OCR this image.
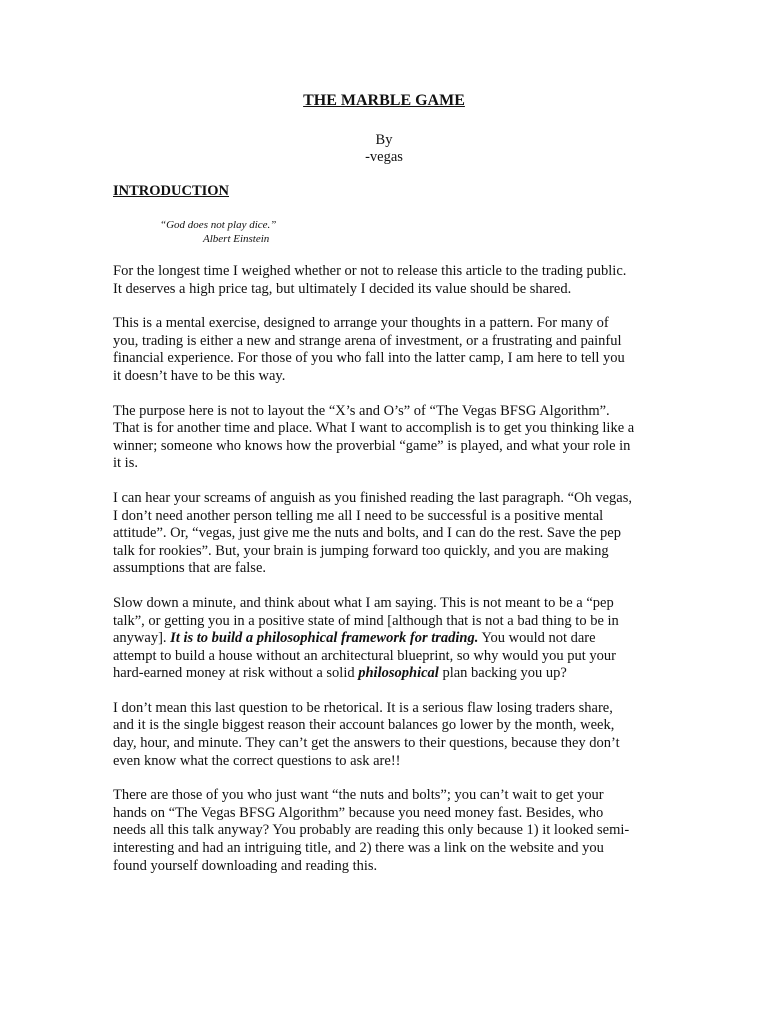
THE MARBLE GAME
By
-vegas
INTRODUCTION
“God does not play dice.”
Albert Einstein

For the longest time I weighed whether or not to release this article to the trading public.
It deserves a high price tag, but ultimately I decided its value should be shared.

This is a mental exercise, designed to arrange your thoughts in a pattern. For many of
you, trading is either a new and strange arena of investment, or a frustrating and painful
financial experience. For those of you who fall into the latter camp, I am here to tell you
it doesn’t have to be this way.

The purpose here is not to layout the “X’s and O’s” of “The Vegas BFSG Algorithm”.
That is for another time and place. What I want to accomplish is to get you thinking like a
winner; someone who knows how the proverbial “game” is played, and what your role in
it is.

I can hear your screams of anguish as you finished reading the last paragraph. “Oh vegas,
I don’t need another person telling me all I need to be successful is a positive mental
attitude”. Or, “vegas, just give me the nuts and bolts, and I can do the rest. Save the pep
talk for rookies”. But, your brain is jumping forward too quickly, and you are making
assumptions that are false.

Slow down a minute, and think about what I am saying. This is not meant to be a “pep
talk”, or getting you in a positive state of mind [although that is not a bad thing to be in
anyway]. It is to build a philosophical framework for trading. You would not dare
attempt to build a house without an architectural blueprint, so why would you put your
hard-earned money at risk without a solid philosophical plan backing you up?

I don’t mean this last question to be rhetorical. It is a serious flaw losing traders share,
and it is the single biggest reason their account balances go lower by the month, week,
day, hour, and minute. They can’t get the answers to their questions, because they don’t
even know what the correct questions to ask are!!

There are those of you who just want “the nuts and bolts”; you can’t wait to get your
hands on “The Vegas BFSG Algorithm” because you need money fast. Besides, who
needs all this talk anyway? You probably are reading this only because 1) it looked semi-
interesting and had an intriguing title, and 2) there was a link on the website and you
found yourself downloading and reading this.
